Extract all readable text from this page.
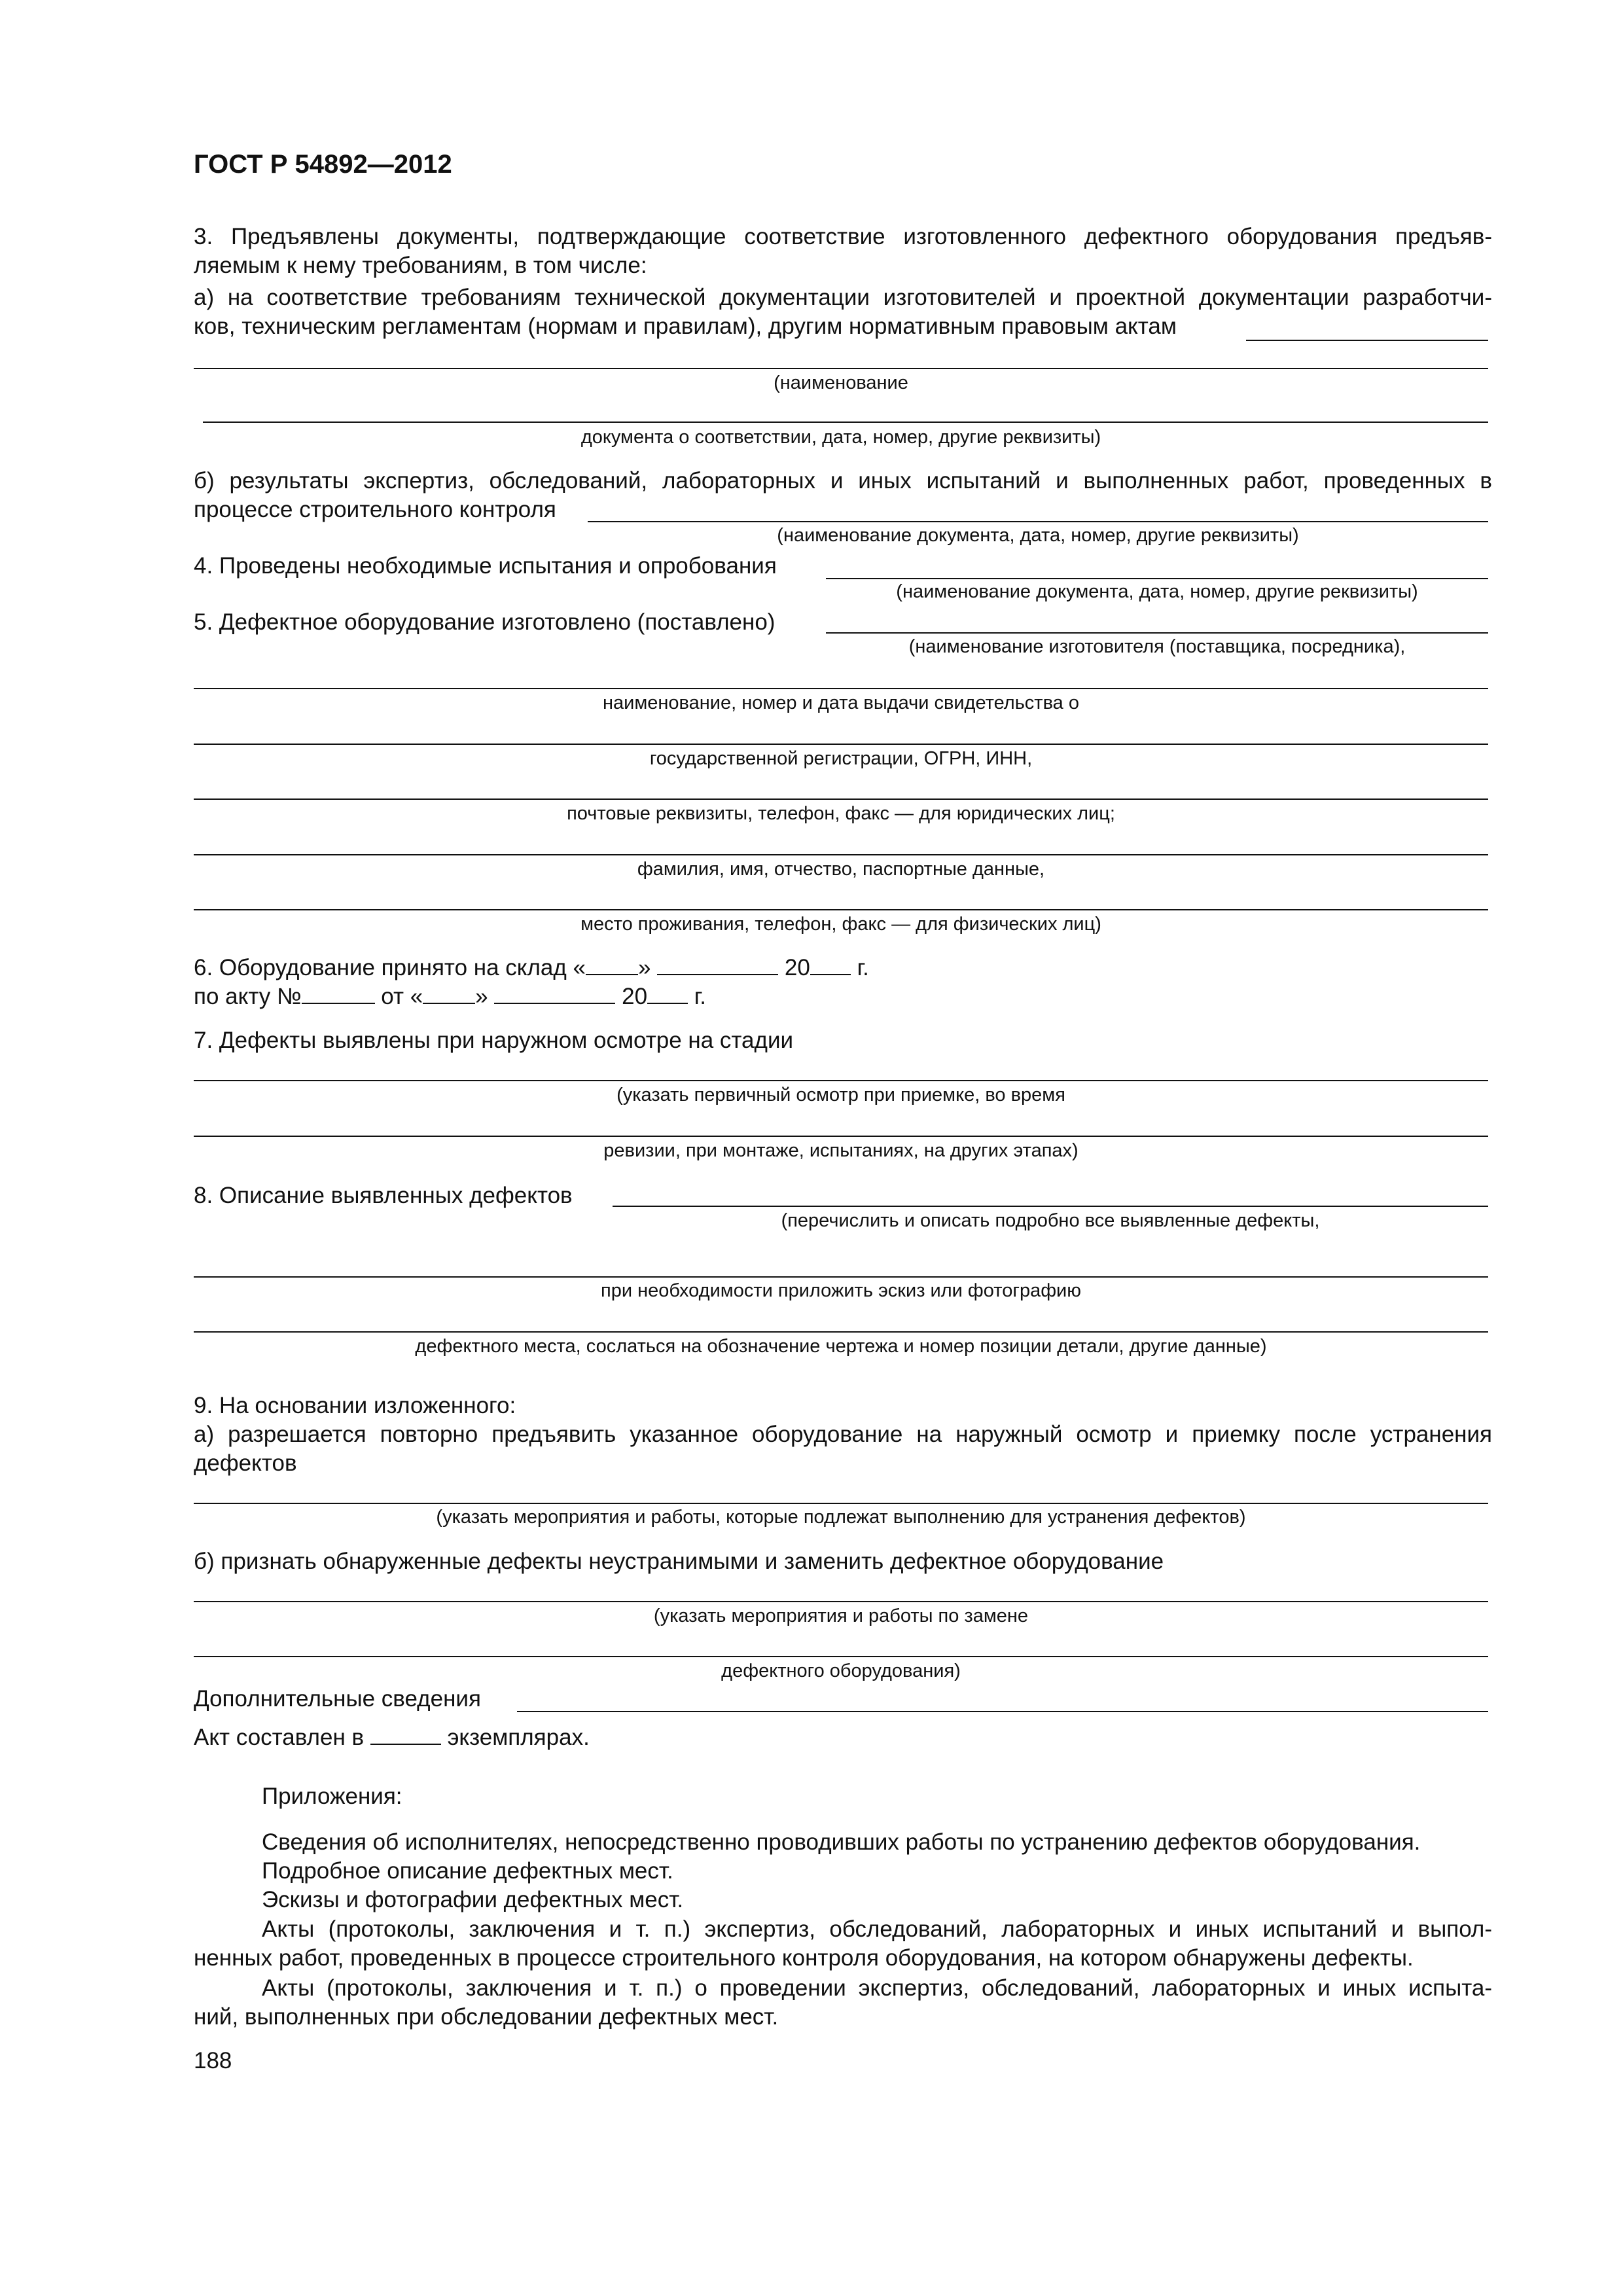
ГОСТ Р 54892—2012
3. Предъявлены документы, подтверждающие соответствие изготовленного дефектного оборудования предъяв-
ляемым к нему требованиям, в том числе:
а) на соответствие требованиям технической документации изготовителей и проектной документации разработчи-
ков, техническим регламентам (нормам и правилам), другим нормативным правовым актам
(наименование
документа о соответствии, дата, номер, другие реквизиты)
б) результаты экспертиз, обследований, лабораторных и иных испытаний и выполненных работ, проведенных в
процессе строительного контроля
(наименование документа, дата, номер, другие реквизиты)
4. Проведены необходимые испытания и опробования
(наименование документа, дата, номер, другие реквизиты)
5. Дефектное оборудование изготовлено (поставлено)
(наименование изготовителя (поставщика, посредника),
наименование, номер и дата выдачи свидетельства о
государственной регистрации, ОГРН, ИНН,
почтовые реквизиты, телефон, факс — для юридических лиц;
фамилия, имя, отчество, паспортные данные,
место проживания, телефон, факс — для физических лиц)
6. Оборудование принято на склад « »	20 г.
по акту №	от « »	20 г.
7. Дефекты выявлены при наружном осмотре на стадии
(указать первичный осмотр при приемке, во время
ревизии, при монтаже, испытаниях, на других этапах)
8. Описание выявленных дефектов
(перечислить и описать подробно все выявленные дефекты,
при необходимости приложить эскиз или фотографию
дефектного места, сослаться на обозначение чертежа и номер позиции детали, другие данные)
9. На основании изложенного:
а) разрешается повторно предъявить указанное оборудование на наружный осмотр и приемку после устранения
дефектов
(указать мероприятия и работы, которые подлежат выполнению для устранения дефектов)
б) признать обнаруженные дефекты неустранимыми и заменить дефектное оборудование
(указать мероприятия и работы по замене
дефектного оборудования)
Дополнительные сведения
Акт составлен в	экземплярах.
Приложения:
Сведения об исполнителях, непосредственно проводивших работы по устранению дефектов оборудования.
Подробное описание дефектных мест.
Эскизы и фотографии дефектных мест.
Акты (протоколы, заключения и т. п.) экспертиз, обследований, лабораторных и иных испытаний и выпол-
ненных работ, проведенных в процессе строительного контроля оборудования, на котором обнаружены дефекты.
Акты (протоколы, заключения и т. п.) о проведении экспертиз, обследований, лабораторных и иных испыта-
ний, выполненных при обследовании дефектных мест.
188
